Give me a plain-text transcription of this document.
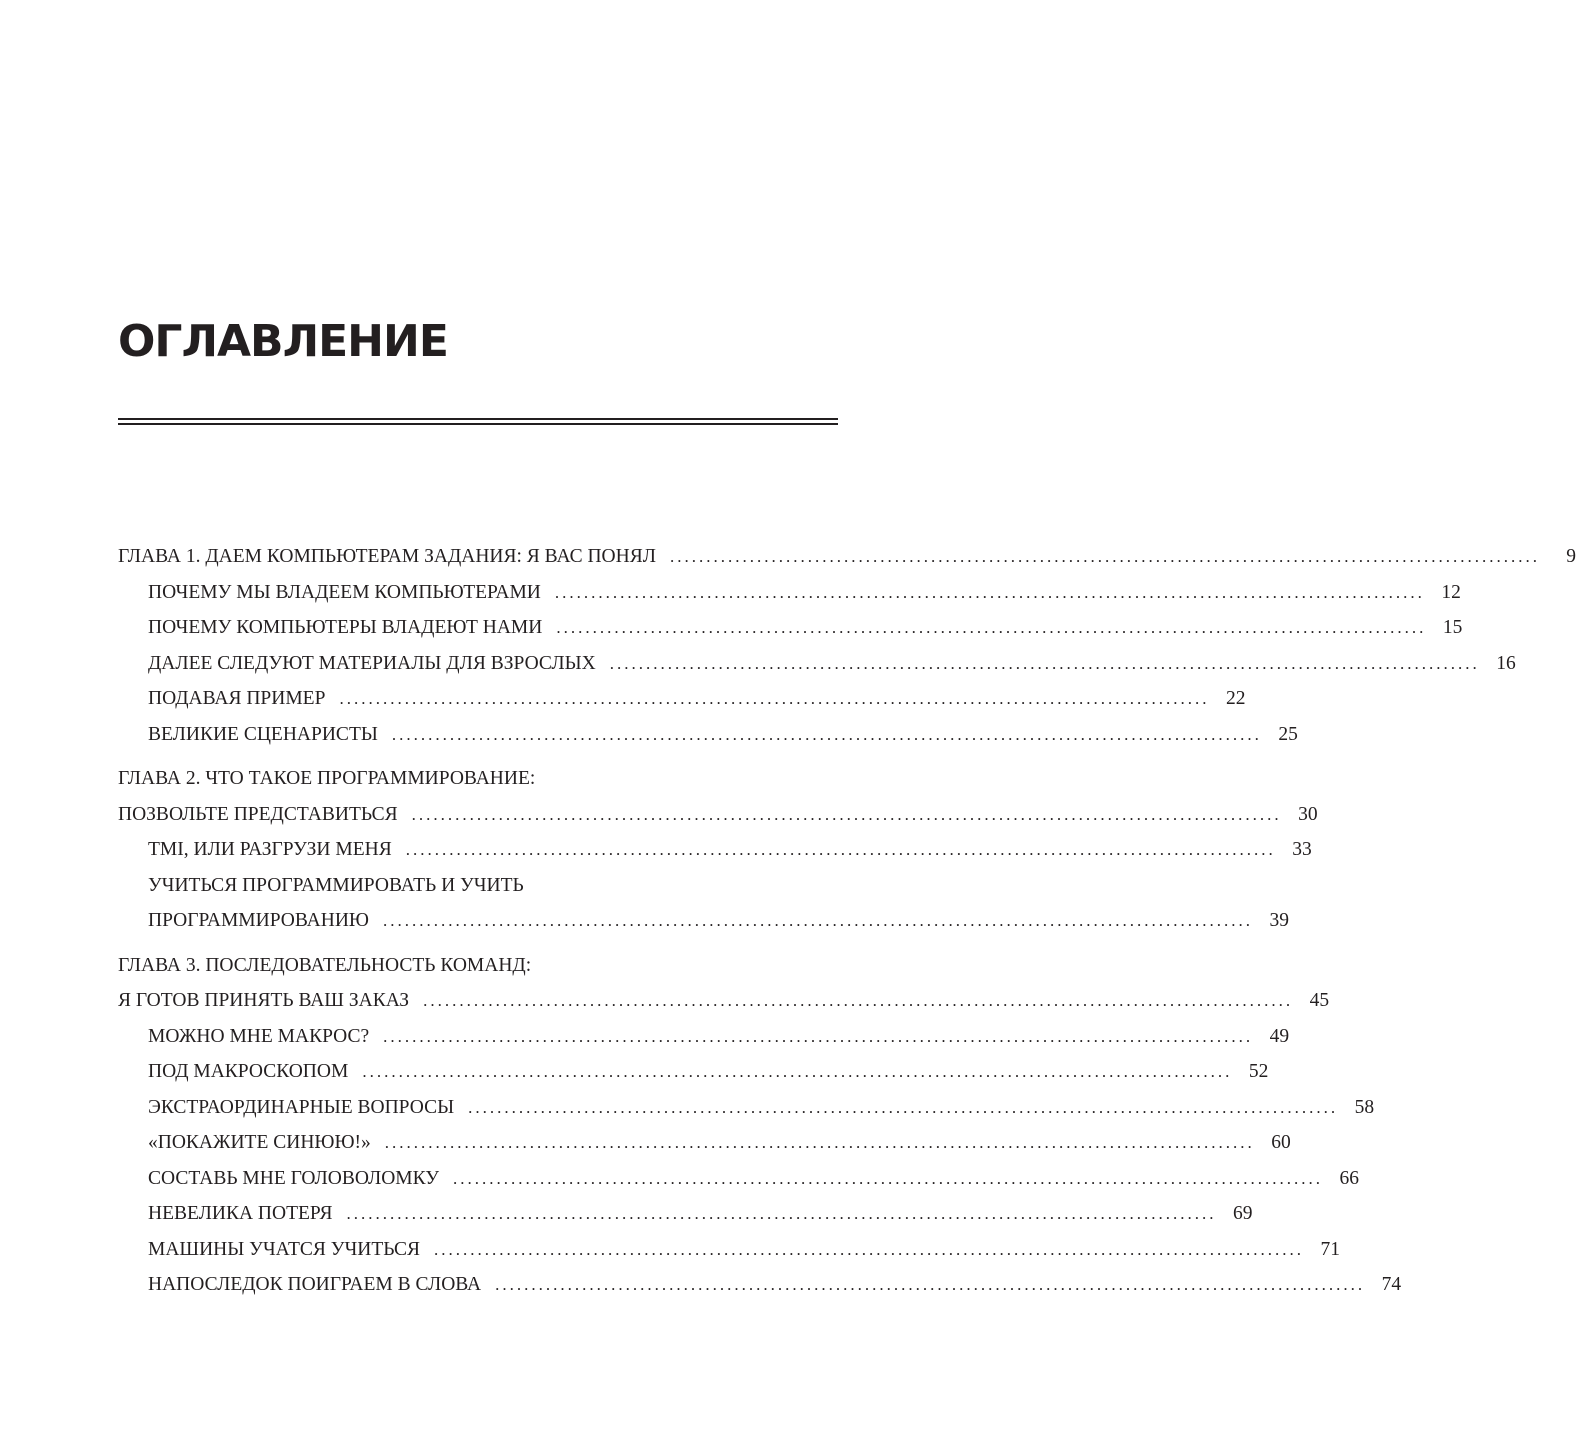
ОГЛАВЛЕНИЕ
ГЛАВА 1. ДАЕМ КОМПЬЮТЕРАМ ЗАДАНИЯ: Я ВАС ПОНЯЛ ........................................................................................................................	9
ПОЧЕМУ МЫ ВЛАДЕЕМ КОМПЬЮТЕРАМИ ........................................................................................................................ 12
ПОЧЕМУ КОМПЬЮТЕРЫ ВЛАДЕЮТ НАМИ ........................................................................................................................ 15
ДАЛЕЕ СЛЕДУЮТ МАТЕРИАЛЫ ДЛЯ ВЗРОСЛЫХ ........................................................................................................................ 16
ПОДАВАЯ ПРИМЕР ........................................................................................................................ 22
ВЕЛИКИЕ СЦЕНАРИСТЫ ........................................................................................................................ 25
ГЛАВА 2. ЧТО ТАКОЕ ПРОГРАММИРОВАНИЕ:
ПОЗВОЛЬТЕ ПРЕДСТАВИТЬСЯ ........................................................................................................................ 30
TMI, ИЛИ РАЗГРУЗИ МЕНЯ ........................................................................................................................ 33
УЧИТЬСЯ ПРОГРАММИРОВАТЬ И УЧИТЬ
ПРОГРАММИРОВАНИЮ ........................................................................................................................ 39
ГЛАВА 3. ПОСЛЕДОВАТЕЛЬНОСТЬ КОМАНД:
Я ГОТОВ ПРИНЯТЬ ВАШ ЗАКАЗ ........................................................................................................................ 45
МОЖНО МНЕ МАКРОС? ........................................................................................................................ 49
ПОД МАКРОСКОПОМ ........................................................................................................................ 52
ЭКСТРАОРДИНАРНЫЕ ВОПРОСЫ ........................................................................................................................ 58
«ПОКАЖИТЕ СИНЮЮ!» ........................................................................................................................ 60
СОСТАВЬ МНЕ ГОЛОВОЛОМКУ ........................................................................................................................ 66
НЕВЕЛИКА ПОТЕРЯ ........................................................................................................................ 69
МАШИНЫ УЧАТСЯ УЧИТЬСЯ ........................................................................................................................ 71
НАПОСЛЕДОК ПОИГРАЕМ В СЛОВА ........................................................................................................................ 74
